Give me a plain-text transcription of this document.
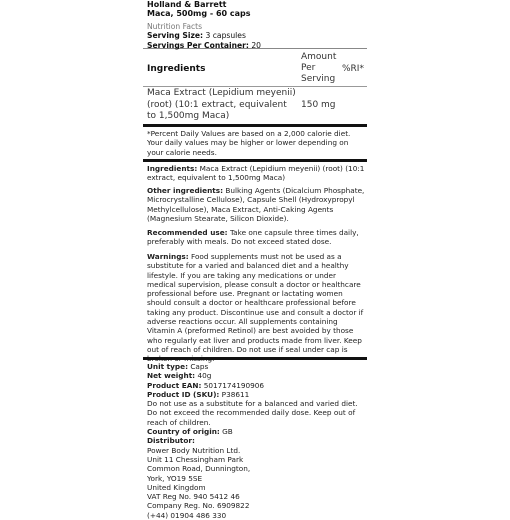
Holland & Barrett
Maca, 500mg - 60 caps
Nutrition Facts
Serving Size: 3 capsules
Servings Per Container: 20
Ingredients
Amount Per Serving
%RI*
Maca Extract (Lepidium meyenii) (root) (10:1 extract, equivalent to 1,500mg Maca)
150 mg
*Percent Daily Values are based on a 2,000 calorie diet. Your daily values may be higher or lower depending on your calorie needs.
Ingredients: Maca Extract (Lepidium meyenii) (root) (10:1 extract, equivalent to 1,500mg Maca)
Other ingredients: Bulking Agents (Dicalcium Phosphate, Microcrystalline Cellulose), Capsule Shell (Hydroxypropyl Methylcellulose), Maca Extract, Anti-Caking Agents (Magnesium Stearate, Silicon Dioxide).
Recommended use: Take one capsule three times daily, preferably with meals. Do not exceed stated dose.
Warnings: Food supplements must not be used as a substitute for a varied and balanced diet and a healthy lifestyle. If you are taking any medications or under medical supervision, please consult a doctor or healthcare professional before use. Pregnant or lactating women should consult a doctor or healthcare professional before taking any product. Discontinue use and consult a doctor if adverse reactions occur. All supplements containing Vitamin A (preformed Retinol) are best avoided by those who regularly eat liver and products made from liver. Keep out of reach of children. Do not use if seal under cap is
Unit type: Caps
Net weight: 40g
Product EAN: 5017174190906
Product ID (SKU): P38611
Do not use as a substitute for a balanced and varied diet. Do not exceed the recommended daily dose. Keep out of reach of children.
Country of origin: GB
Distributor:
Power Body Nutrition Ltd.
Unit 11 Chessingham Park
Common Road, Dunnington,
York, YO19 5SE
United Kingdom
VAT Reg No. 940 5412 46
Company Reg. No. 6909822
(+44) 01904 486 330
